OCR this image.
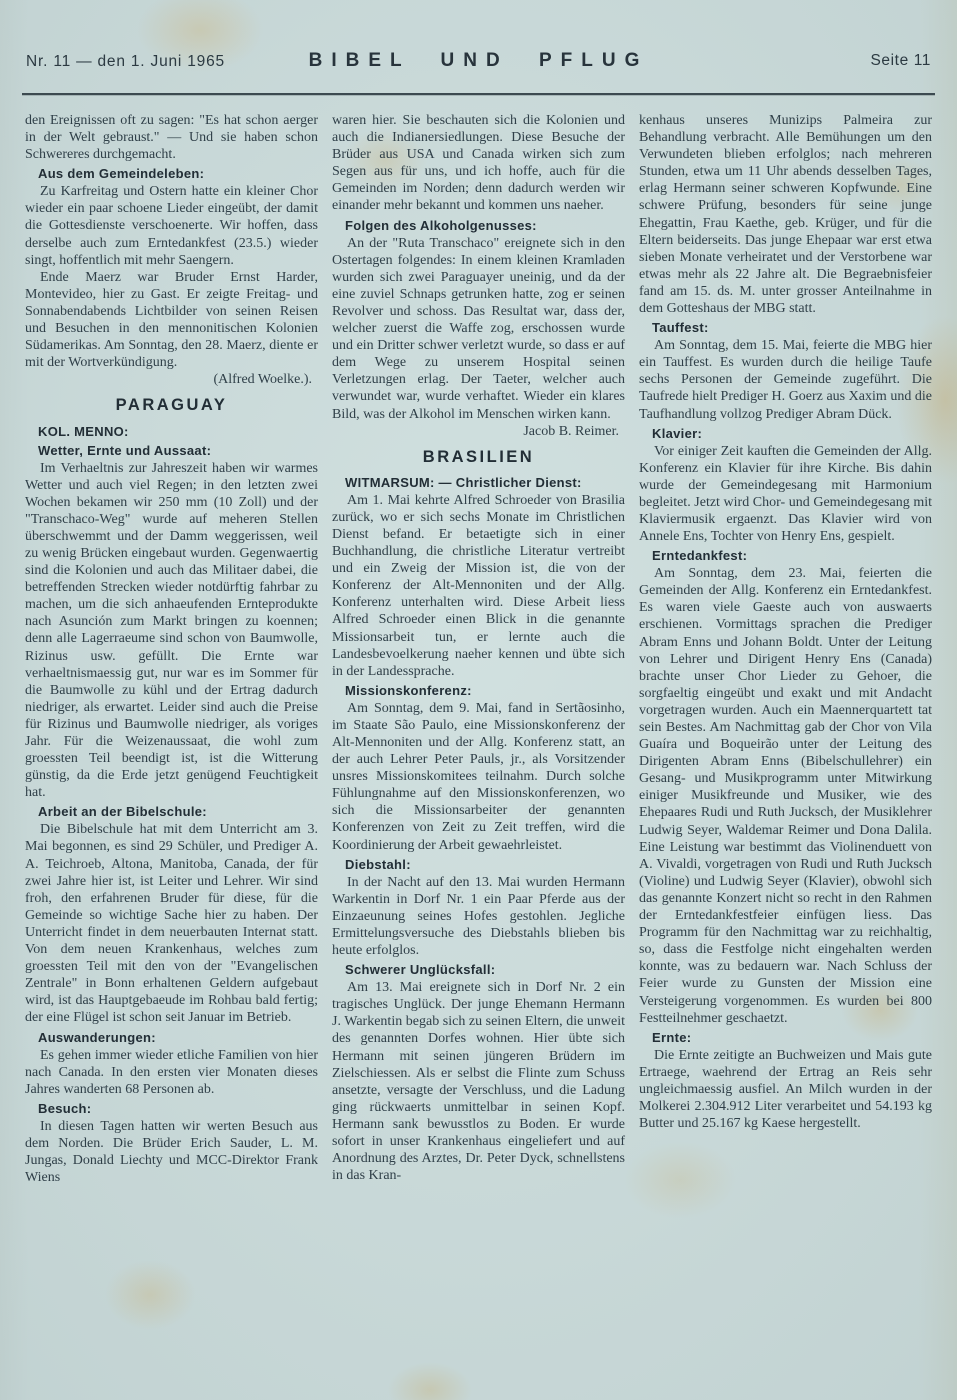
Nr. 11 — den 1. Juni 1965	BIBEL UND PFLUG	Seite 11
den Ereignissen oft zu sagen: "Es hat schon aerger in der Welt gebraust." — Und sie haben schon Schwereres durchgemacht.
Aus dem Gemeindeleben:
Zu Karfreitag und Ostern hatte ein kleiner Chor wieder ein paar schoene Lieder eingeübt, der damit die Gottesdienste verschoenerte. Wir hoffen, dass derselbe auch zum Erntedankfest (23.5.) wieder singt, hoffentlich mit mehr Saengern.
Ende Maerz war Bruder Ernst Harder, Montevideo, hier zu Gast. Er zeigte Freitag- und Sonnabendabends Lichtbilder von seinen Reisen und Besuchen in den mennonitischen Kolonien Südamerikas. Am Sonntag, den 28. Maerz, diente er mit der Wortverkündigung.
(Alfred Woelke.).
PARAGUAY
KOL. MENNO:
Wetter, Ernte und Aussaat:
Im Verhaeltnis zur Jahreszeit haben wir warmes Wetter und auch viel Regen; in den letzten zwei Wochen bekamen wir 250 mm (10 Zoll) und der "Transchaco-Weg" wurde auf meheren Stellen überschwemmt und der Damm weggerissen, weil zu wenig Brücken eingebaut wurden. Gegenwaertig sind die Kolonien und auch das Militaer dabei, die betreffenden Strecken wieder notdürftig fahrbar zu machen, um die sich anhaeufenden Ernteprodukte nach Asunción zum Markt bringen zu koennen; denn alle Lagerraeume sind schon von Baumwolle, Rizinus usw. gefüllt. Die Ernte war verhaeltnismaessig gut, nur war es im Sommer für die Baumwolle zu kühl und der Ertrag dadurch niedriger, als erwartet. Leider sind auch die Preise für Rizinus und Baumwolle niedriger, als voriges Jahr. Für die Weizenaussaat, die wohl zum groessten Teil beendigt ist, ist die Witterung günstig, da die Erde jetzt genügend Feuchtigkeit hat.
Arbeit an der Bibelschule:
Die Bibelschule hat mit dem Unterricht am 3. Mai begonnen, es sind 29 Schüler, und Prediger A. A. Teichroeb, Altona, Manitoba, Canada, der für zwei Jahre hier ist, ist Leiter und Lehrer. Wir sind froh, den erfahrenen Bruder für diese, für die Gemeinde so wichtige Sache hier zu haben. Der Unterricht findet in dem neuerbauten Internat statt. Von dem neuen Krankenhaus, welches zum groessten Teil mit den von der "Evangelischen Zentrale" in Bonn erhaltenen Geldern aufgebaut wird, ist das Hauptgebaeude im Rohbau bald fertig; der eine Flügel ist schon seit Januar im Betrieb.
Auswanderungen:
Es gehen immer wieder etliche Familien von hier nach Canada. In den ersten vier Monaten dieses Jahres wanderten 68 Personen ab.
Besuch:
In diesen Tagen hatten wir werten Besuch aus dem Norden. Die Brüder Erich Sauder, L. M. Jungas, Donald Liechty und MCC-Direktor Frank Wiens
waren hier. Sie beschauten sich die Kolonien und auch die Indianersiedlungen. Diese Besuche der Brüder aus USA und Canada wirken sich zum Segen aus für uns, und ich hoffe, auch für die Gemeinden im Norden; denn dadurch werden wir einander mehr bekannt und kommen uns naeher.
Folgen des Alkoholgenusses:
An der "Ruta Transchaco" ereignete sich in den Ostertagen folgendes: In einem kleinen Kramladen wurden sich zwei Paraguayer uneinig, und da der eine zuviel Schnaps getrunken hatte, zog er seinen Revolver und schoss. Das Resultat war, dass der, welcher zuerst die Waffe zog, erschossen wurde und ein Dritter schwer verletzt wurde, so dass er auf dem Wege zu unserem Hospital seinen Verletzungen erlag. Der Taeter, welcher auch verwundet war, wurde verhaftet. Wieder ein klares Bild, was der Alkohol im Menschen wirken kann.
Jacob B. Reimer.
BRASILIEN
WITMARSUM: — Christlicher Dienst:
Am 1. Mai kehrte Alfred Schroeder von Brasilia zurück, wo er sich sechs Monate im Christlichen Dienst befand. Er betaetigte sich in einer Buchhandlung, die christliche Literatur vertreibt und ein Zweig der Mission ist, die von der Konferenz der Alt-Mennoniten und der Allg. Konferenz unterhalten wird. Diese Arbeit liess Alfred Schroeder einen Blick in die genannte Missionsarbeit tun, er lernte auch die Landesbevoelkerung naeher kennen und übte sich in der Landessprache.
Missionskonferenz:
Am Sonntag, dem 9. Mai, fand in Sertãosinho, im Staate São Paulo, eine Missionskonferenz der Alt-Mennoniten und der Allg. Konferenz statt, an der auch Lehrer Peter Pauls, jr., als Vorsitzender unsres Missionskomitees teilnahm. Durch solche Fühlungnahme auf den Missionskonferenzen, wo sich die Missionsarbeiter der genannten Konferenzen von Zeit zu Zeit treffen, wird die Koordinierung der Arbeit gewaehrleistet.
Diebstahl:
In der Nacht auf den 13. Mai wurden Hermann Warkentin in Dorf Nr. 1 ein Paar Pferde aus der Einzaeunung seines Hofes gestohlen. Jegliche Ermittelungsversuche des Diebstahls blieben bis heute erfolglos.
Schwerer Unglücksfall:
Am 13. Mai ereignete sich in Dorf Nr. 2 ein tragisches Unglück. Der junge Ehemann Hermann J. Warkentin begab sich zu seinen Eltern, die unweit des genannten Dorfes wohnen. Hier übte sich Hermann mit seinen jüngeren Brüdern im Zielschiessen. Als er selbst die Flinte zum Schuss ansetzte, versagte der Verschluss, und die Ladung ging rückwaerts unmittelbar in seinen Kopf. Hermann sank bewusstlos zu Boden. Er wurde sofort in unser Krankenhaus eingeliefert und auf Anordnung des Arztes, Dr. Peter Dyck, schnellstens in das Kran-
kenhaus unseres Munizips Palmeira zur Behandlung verbracht. Alle Bemühungen um den Verwundeten blieben erfolglos; nach mehreren Stunden, etwa um 11 Uhr abends desselben Tages, erlag Hermann seiner schweren Kopfwunde. Eine schwere Prüfung, besonders für seine junge Ehegattin, Frau Kaethe, geb. Krüger, und für die Eltern beiderseits. Das junge Ehepaar war erst etwa sieben Monate verheiratet und der Verstorbene war etwas mehr als 22 Jahre alt. Die Begraebnisfeier fand am 15. ds. M. unter grosser Anteilnahme in dem Gotteshaus der MBG statt.
Tauffest:
Am Sonntag, dem 15. Mai, feierte die MBG hier ein Tauffest. Es wurden durch die heilige Taufe sechs Personen der Gemeinde zugeführt. Die Taufrede hielt Prediger H. Goerz aus Xaxim und die Taufhandlung vollzog Prediger Abram Dück.
Klavier:
Vor einiger Zeit kauften die Gemeinden der Allg. Konferenz ein Klavier für ihre Kirche. Bis dahin wurde der Gemeindegesang mit Harmonium begleitet. Jetzt wird Chor- und Gemeindegesang mit Klaviermusik ergaenzt. Das Klavier wird von Annele Ens, Tochter von Henry Ens, gespielt.
Erntedankfest:
Am Sonntag, dem 23. Mai, feierten die Gemeinden der Allg. Konferenz ein Erntedankfest. Es waren viele Gaeste auch von auswaerts erschienen. Vormittags sprachen die Prediger Abram Enns und Johann Boldt. Unter der Leitung von Lehrer und Dirigent Henry Ens (Canada) brachte unser Chor Lieder zu Gehoer, die sorgfaeltig eingeübt und exakt und mit Andacht vorgetragen wurden. Auch ein Maennerquartett tat sein Bestes. Am Nachmittag gab der Chor von Vila Guaíra und Boqueirão unter der Leitung des Dirigenten Abram Enns (Bibelschullehrer) ein Gesang- und Musikprogramm unter Mitwirkung einiger Musikfreunde und Musiker, wie des Ehepaares Rudi und Ruth Jucksch, der Musiklehrer Ludwig Seyer, Waldemar Reimer und Dona Dalila. Eine Leistung war bestimmt das Violinenduett von A. Vivaldi, vorgetragen von Rudi und Ruth Jucksch (Violine) und Ludwig Seyer (Klavier), obwohl sich das genannte Konzert nicht so recht in den Rahmen der Erntedankfestfeier einfügen liess. Das Programm für den Nachmittag war zu reichhaltig, so, dass die Festfolge nicht eingehalten werden konnte, was zu bedauern war. Nach Schluss der Feier wurde zu Gunsten der Mission eine Versteigerung vorgenommen. Es wurden bei 800 Festteilnehmer geschaetzt.
Ernte:
Die Ernte zeitigte an Buchweizen und Mais gute Ertraege, waehrend der Ertrag an Reis sehr ungleichmaessig ausfiel. An Milch wurden in der Molkerei 2.304.912 Liter verarbeitet und 54.193 kg Butter und 25.167 kg Kaese hergestellt.
